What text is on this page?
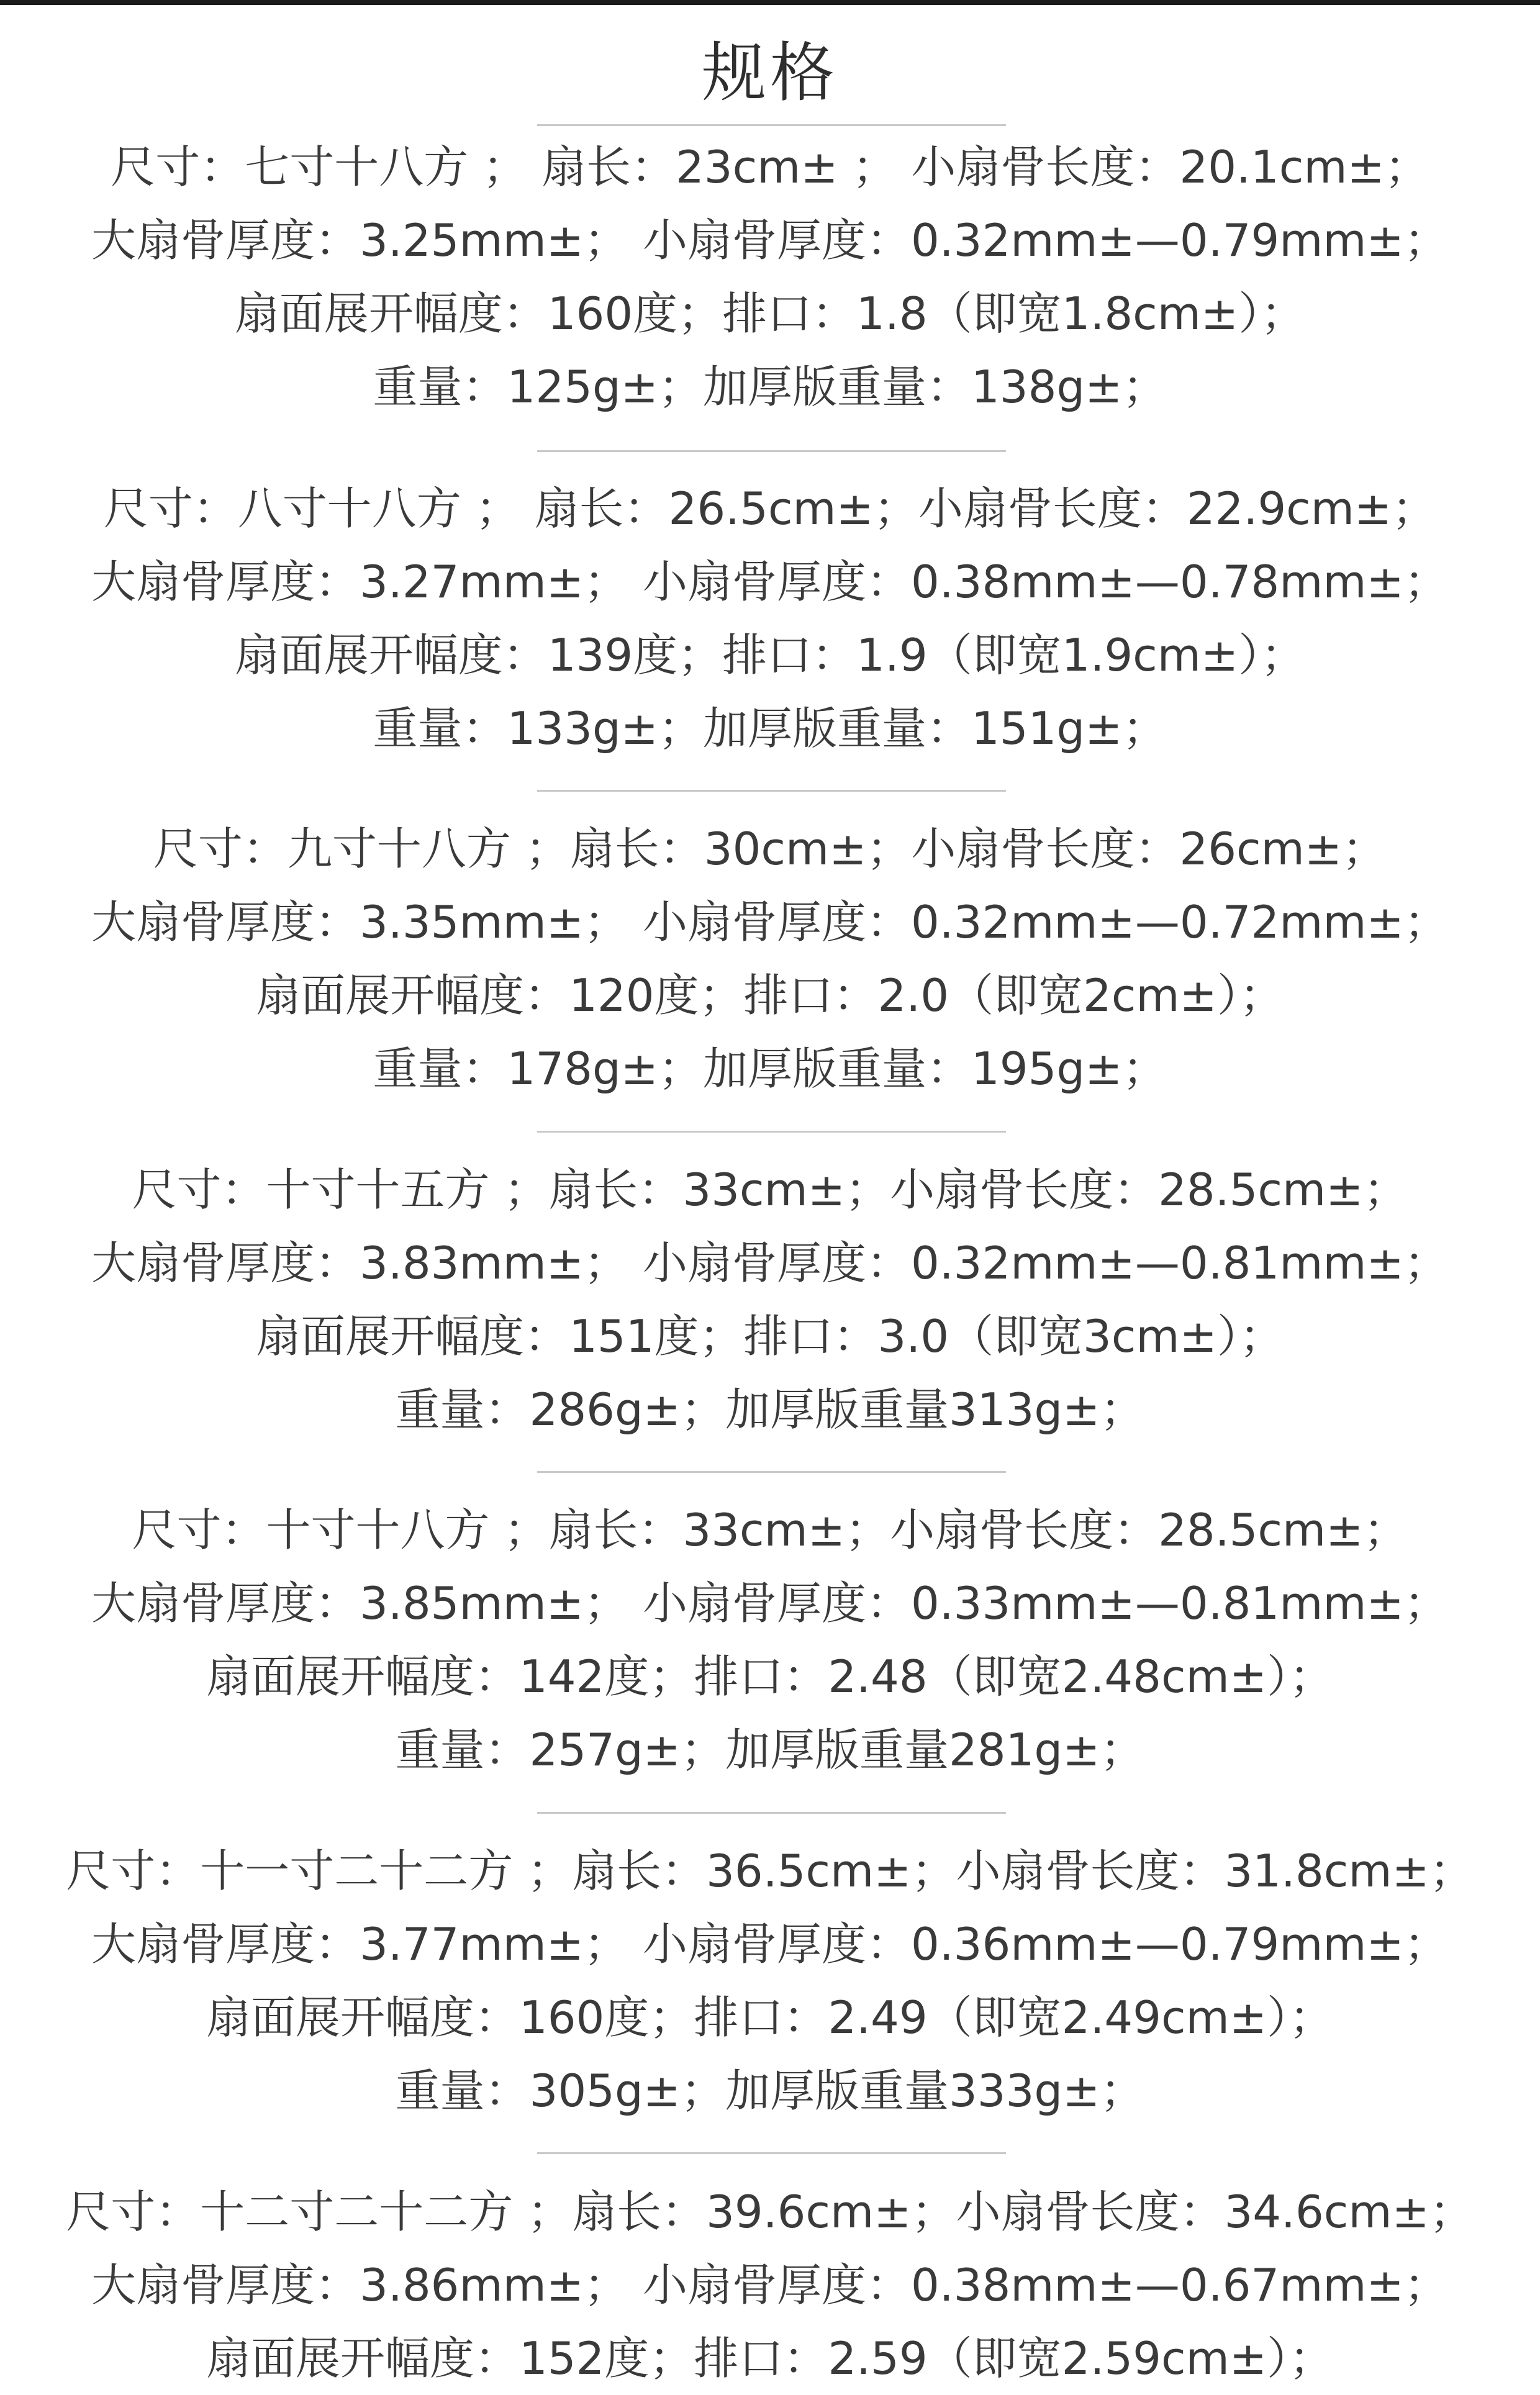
规格
尺寸：七寸十八方 ； 扇长：23cm± ； 小扇骨长度：20.1cm±；
大扇骨厚度：3.25mm±； 小扇骨厚度：0.32mm±—0.79mm±；
扇面展开幅度：160度；排口：1.8（即宽1.8cm±）；
重量：125g±；加厚版重量：138g±；
尺寸：八寸十八方 ； 扇长：26.5cm±；小扇骨长度：22.9cm±；
大扇骨厚度：3.27mm±； 小扇骨厚度：0.38mm±—0.78mm±；
扇面展开幅度：139度；排口：1.9（即宽1.9cm±）；
重量：133g±；加厚版重量：151g±；
尺寸：九寸十八方 ；扇长：30cm±；小扇骨长度：26cm±；
大扇骨厚度：3.35mm±； 小扇骨厚度：0.32mm±—0.72mm±；
扇面展开幅度：120度；排口：2.0（即宽2cm±）；
重量：178g±；加厚版重量：195g±；
尺寸：十寸十五方 ；扇长：33cm±；小扇骨长度：28.5cm±；
大扇骨厚度：3.83mm±； 小扇骨厚度：0.32mm±—0.81mm±；
扇面展开幅度：151度；排口：3.0（即宽3cm±）；
重量：286g±；加厚版重量313g±；
尺寸：十寸十八方 ；扇长：33cm±；小扇骨长度：28.5cm±；
大扇骨厚度：3.85mm±； 小扇骨厚度：0.33mm±—0.81mm±；
扇面展开幅度：142度；排口：2.48（即宽2.48cm±）；
重量：257g±；加厚版重量281g±；
尺寸：十一寸二十二方 ；扇长：36.5cm±；小扇骨长度：31.8cm±；
大扇骨厚度：3.77mm±； 小扇骨厚度：0.36mm±—0.79mm±；
扇面展开幅度：160度；排口：2.49（即宽2.49cm±）；
重量：305g±；加厚版重量333g±；
尺寸：十二寸二十二方 ；扇长：39.6cm±；小扇骨长度：34.6cm±；
大扇骨厚度：3.86mm±； 小扇骨厚度：0.38mm±—0.67mm±；
扇面展开幅度：152度；排口：2.59（即宽2.59cm±）；
